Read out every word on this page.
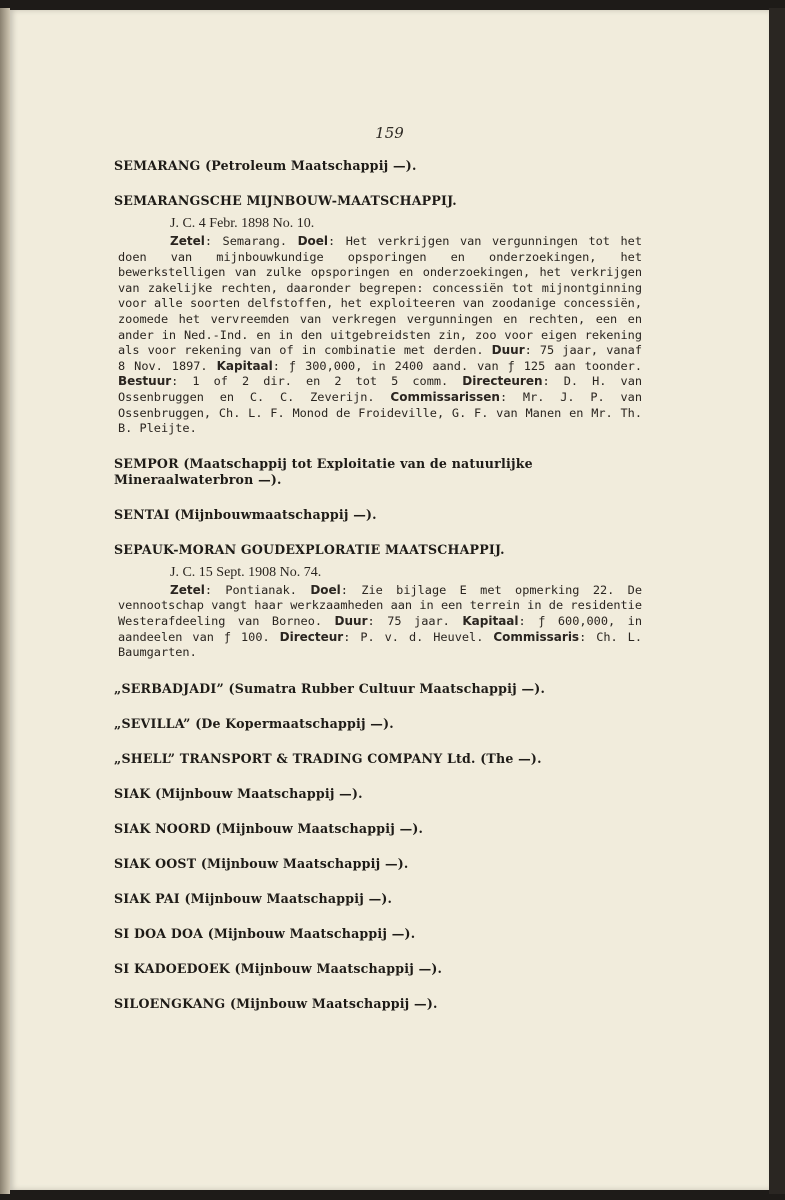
159
SEMARANG (Petroleum Maatschappij —).
SEMARANGSCHE MIJNBOUW-MAATSCHAPPIJ.
J. C. 4 Febr. 1898 No. 10.
Zetel: Semarang. Doel: Het verkrijgen van vergunningen tot het doen van mijnbouwkundige opsporingen en onderzoekingen, het bewerkstelligen van zulke opsporingen en onderzoekingen, het verkrijgen van zakelijke rechten, daaronder begrepen: concessiën tot mijnontginning voor alle soorten delfstoffen, het exploiteeren van zoodanige concessiën, zoomede het vervreemden van verkregen vergunningen en rechten, een en ander in Ned.-Ind. en in den uitgebreidsten zin, zoo voor eigen rekening als voor rekening van of in combinatie met derden. Duur: 75 jaar, vanaf 8 Nov. 1897. Kapitaal: ƒ 300,000, in 2400 aand. van ƒ 125 aan toonder. Bestuur: 1 of 2 dir. en 2 tot 5 comm. Directeuren: D. H. van Ossenbruggen en C. C. Zeverijn. Commissarissen: Mr. J. P. van Ossenbruggen, Ch. L. F. Monod de Froideville, G. F. van Manen en Mr. Th. B. Pleijte.
SEMPOR (Maatschappij tot Exploitatie van de natuurlijke Mineraalwaterbron —).
SENTAI (Mijnbouwmaatschappij —).
SEPAUK-MORAN GOUDEXPLORATIE MAATSCHAPPIJ.
J. C. 15 Sept. 1908 No. 74.
Zetel: Pontianak. Doel: Zie bijlage E met opmerking 22. De vennootschap vangt haar werkzaamheden aan in een terrein in de residentie Westerafdeeling van Borneo. Duur: 75 jaar. Kapitaal: ƒ 600,000, in aandeelen van ƒ 100. Directeur: P. v. d. Heuvel. Commissaris: Ch. L. Baumgarten.
„SERBADJADI” (Sumatra Rubber Cultuur Maatschappij —).
„SEVILLA” (De Kopermaatschappij —).
„SHELL” TRANSPORT & TRADING COMPANY Ltd. (The —).
SIAK (Mijnbouw Maatschappij —).
SIAK NOORD (Mijnbouw Maatschappij —).
SIAK OOST (Mijnbouw Maatschappij —).
SIAK PAI (Mijnbouw Maatschappij —).
SI DOA DOA (Mijnbouw Maatschappij —).
SI KADOEDOEK (Mijnbouw Maatschappij —).
SILOENGKANG (Mijnbouw Maatschappij —).
